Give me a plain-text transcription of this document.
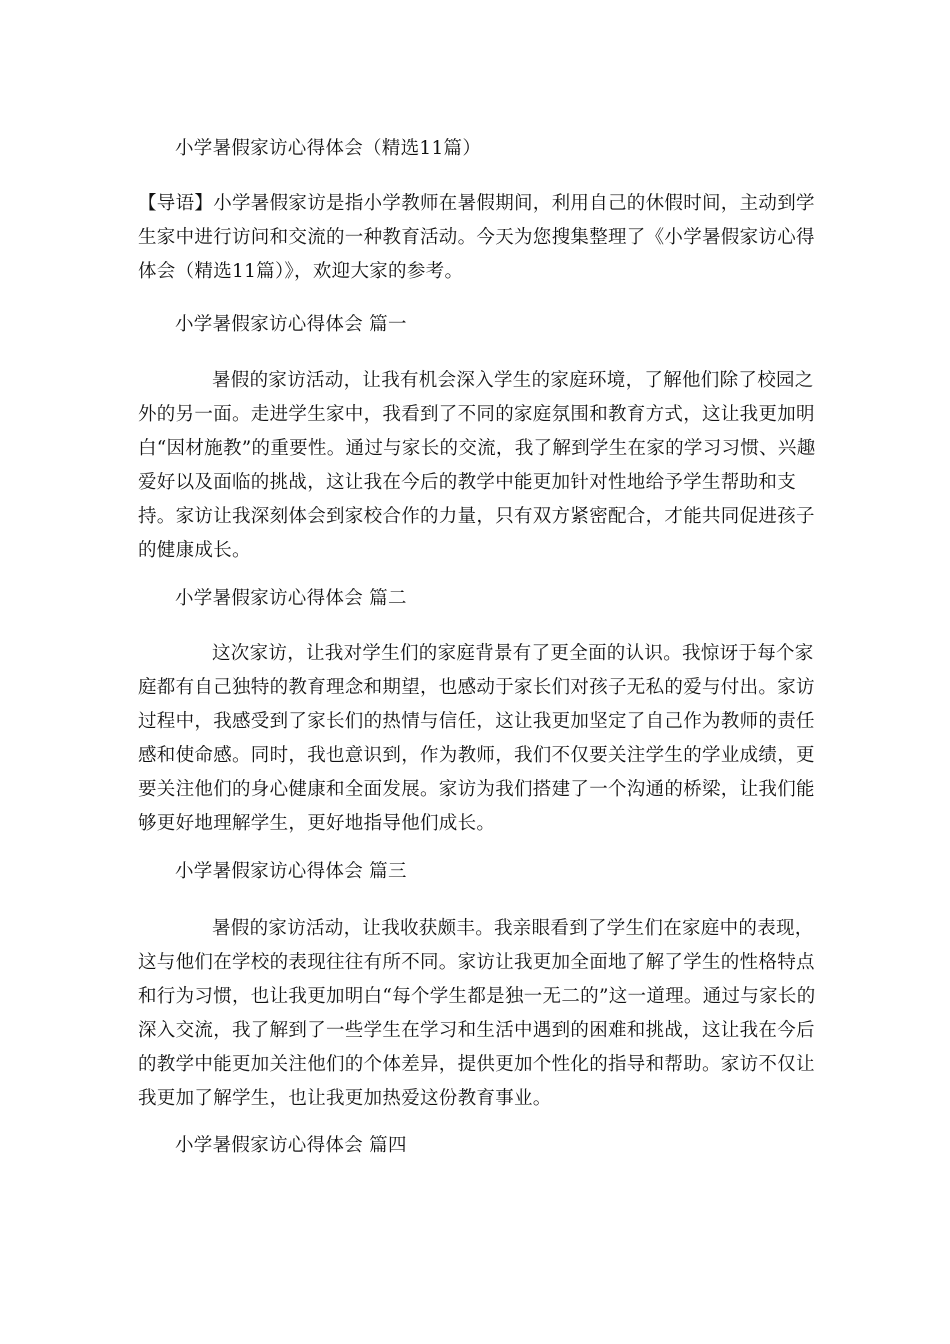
小学暑假家访心得体会（精选11篇）
【导语】小学暑假家访是指小学教师在暑假期间，利用自己的休假时间，主动到学生家中进行访问和交流的一种教育活动。今天为您搜集整理了《小学暑假家访心得体会（精选11篇）》，欢迎大家的参考。
小学暑假家访心得体会 篇一
暑假的家访活动，让我有机会深入学生的家庭环境，了解他们除了校园之外的另一面。走进学生家中，我看到了不同的家庭氛围和教育方式，这让我更加明白“因材施教”的重要性。通过与家长的交流，我了解到学生在家的学习习惯、兴趣爱好以及面临的挑战，这让我在今后的教学中能更加针对性地给予学生帮助和支持。家访让我深刻体会到家校合作的力量，只有双方紧密配合，才能共同促进孩子的健康成长。
小学暑假家访心得体会 篇二
这次家访，让我对学生们的家庭背景有了更全面的认识。我惊讶于每个家庭都有自己独特的教育理念和期望，也感动于家长们对孩子无私的爱与付出。家访过程中，我感受到了家长们的热情与信任，这让我更加坚定了自己作为教师的责任感和使命感。同时，我也意识到，作为教师，我们不仅要关注学生的学业成绩，更要关注他们的身心健康和全面发展。家访为我们搭建了一个沟通的桥梁，让我们能够更好地理解学生，更好地指导他们成长。
小学暑假家访心得体会 篇三
暑假的家访活动，让我收获颇丰。我亲眼看到了学生们在家庭中的表现，这与他们在学校的表现往往有所不同。家访让我更加全面地了解了学生的性格特点和行为习惯，也让我更加明白“每个学生都是独一无二的”这一道理。通过与家长的深入交流，我了解到了一些学生在学习和生活中遇到的困难和挑战，这让我在今后的教学中能更加关注他们的个体差异，提供更加个性化的指导和帮助。家访不仅让我更加了解学生，也让我更加热爱这份教育事业。
小学暑假家访心得体会 篇四
